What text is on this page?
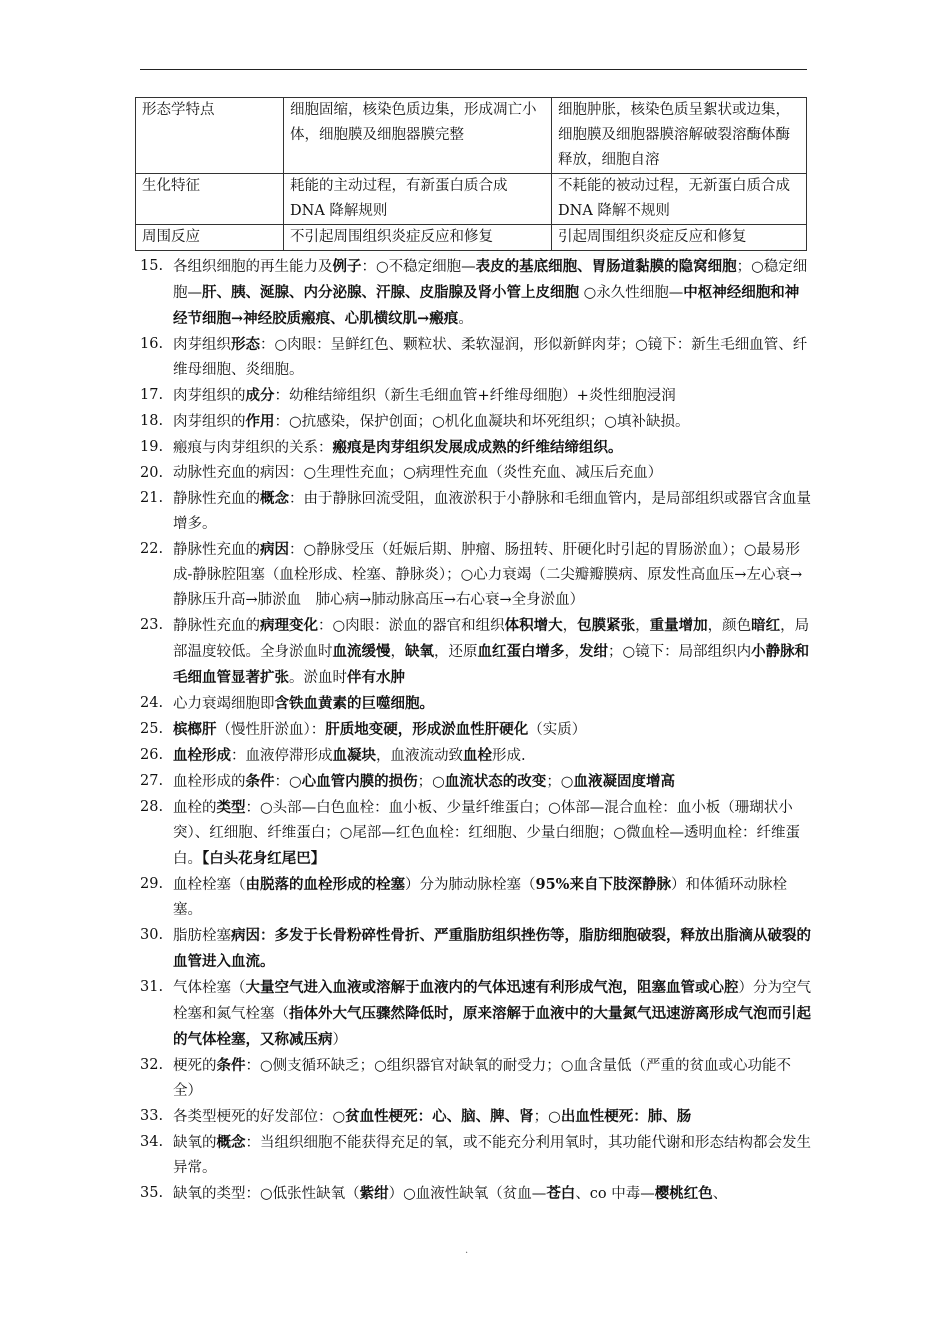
形态学特点	细胞固缩，核染色质边集，形成凋亡小体，细胞膜及细胞器膜完整	细胞肿胀，核染色质呈絮状或边集，细胞膜及细胞器膜溶解破裂溶酶体酶释放，细胞自溶
生化特征	耗能的主动过程，有新蛋白质合成 DNA 降解规则	不耗能的被动过程，无新蛋白质合成　DNA 降解不规则
周围反应	不引起周围组织炎症反应和修复	引起周围组织炎症反应和修复
15. 各组织细胞的再生能力及例子：○不稳定细胞—表皮的基底细胞、胃肠道黏膜的隐窝细胞；○稳定细胞—肝、胰、涎腺、内分泌腺、汗腺、皮脂腺及肾小管上皮细胞 ○永久性细胞—中枢神经细胞和神经节细胞→神经胶质瘢痕、心肌横纹肌→瘢痕。
16. 肉芽组织形态：○肉眼：呈鲜红色、颗粒状、柔软湿润，形似新鲜肉芽；○镜下：新生毛细血管、纤维母细胞、炎细胞。
17. 肉芽组织的成分：幼稚结缔组织（新生毛细血管+纤维母细胞）+炎性细胞浸润
18. 肉芽组织的作用：○抗感染，保护创面；○机化血凝块和坏死组织；○填补缺损。
19. 瘢痕与肉芽组织的关系：瘢痕是肉芽组织发展成成熟的纤维结缔组织。
20. 动脉性充血的病因：○生理性充血；○病理性充血（炎性充血、减压后充血）
21. 静脉性充血的概念：由于静脉回流受阻，血液淤积于小静脉和毛细血管内，是局部组织或器官含血量增多。
22. 静脉性充血的病因：○静脉受压（妊娠后期、肿瘤、肠扭转、肝硬化时引起的胃肠淤血）；○最易形成-静脉腔阻塞（血栓形成、栓塞、静脉炎）；○心力衰竭（二尖瓣瓣膜病、原发性高血压→左心衰→静脉压升高→肺淤血　肺心病→肺动脉高压→右心衰→全身淤血）
23. 静脉性充血的病理变化：○肉眼：淤血的器官和组织体积增大，包膜紧张，重量增加，颜色暗红，局部温度较低。全身淤血时血流缓慢，缺氧，还原血红蛋白增多，发绀；○镜下：局部组织内小静脉和毛细血管显著扩张。淤血时伴有水肿
24. 心力衰竭细胞即含铁血黄素的巨噬细胞。
25. 槟榔肝（慢性肝淤血）：肝质地变硬，形成淤血性肝硬化（实质）
26. 血栓形成：血液停滞形成血凝块，血液流动致血栓形成.
27. 血栓形成的条件：○心血管内膜的损伤；○血流状态的改变；○血液凝固度增高
28. 血栓的类型：○头部—白色血栓：血小板、少量纤维蛋白；○体部—混合血栓：血小板（珊瑚状小突）、红细胞、纤维蛋白；○尾部—红色血栓：红细胞、少量白细胞；○微血栓—透明血栓：纤维蛋白。【白头花身红尾巴】
29. 血栓栓塞（由脱落的血栓形成的栓塞）分为肺动脉栓塞（95%来自下肢深静脉）和体循环动脉栓塞。
30. 脂肪栓塞病因：多发于长骨粉碎性骨折、严重脂肪组织挫伤等，脂肪细胞破裂，释放出脂滴从破裂的血管进入血流。
31. 气体栓塞（大量空气进入血液或溶解于血液内的气体迅速有利形成气泡，阻塞血管或心腔）分为空气栓塞和氮气栓塞（指体外大气压骤然降低时，原来溶解于血液中的大量氮气迅速游离形成气泡而引起的气体栓塞，又称减压病）
32. 梗死的条件：○侧支循环缺乏；○组织器官对缺氧的耐受力；○血含量低（严重的贫血或心功能不全）
33. 各类型梗死的好发部位：○贫血性梗死：心、脑、脾、肾；○出血性梗死：肺、肠
34. 缺氧的概念：当组织细胞不能获得充足的氧，或不能充分利用氧时，其功能代谢和形态结构都会发生异常。
35. 缺氧的类型：○低张性缺氧（紫绀）○血液性缺氧（贫血—苍白、co 中毒—樱桃红色、
.
